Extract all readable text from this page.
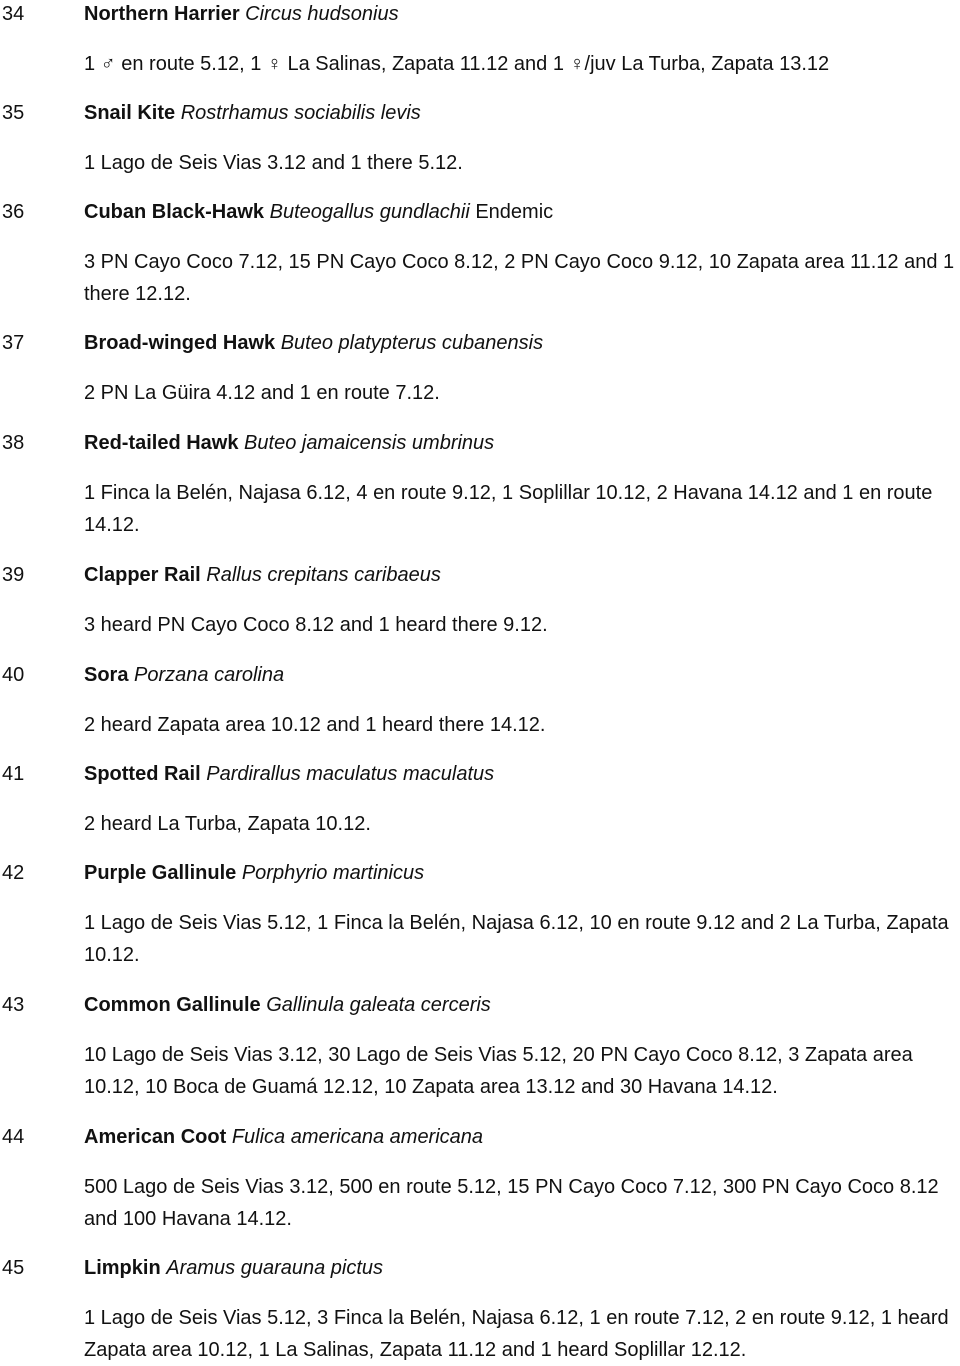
34	Northern Harrier Circus hudsonius
1 ♂ en route 5.12, 1 ♀ La Salinas, Zapata 11.12 and 1 ♀/juv La Turba, Zapata 13.12
35	Snail Kite Rostrhamus sociabilis levis
1 Lago de Seis Vias 3.12 and 1 there 5.12.
36	Cuban Black-Hawk Buteogallus gundlachii Endemic
3 PN Cayo Coco 7.12, 15 PN Cayo Coco 8.12, 2 PN Cayo Coco 9.12, 10 Zapata area 11.12 and 1 there 12.12.
37	Broad-winged Hawk Buteo platypterus cubanensis
2 PN La Güira 4.12 and 1 en route 7.12.
38	Red-tailed Hawk Buteo jamaicensis umbrinus
1 Finca la Belén, Najasa 6.12, 4 en route 9.12, 1 Soplillar 10.12, 2 Havana 14.12 and 1 en route 14.12.
39	Clapper Rail Rallus crepitans caribaeus
3 heard PN Cayo Coco 8.12 and 1 heard there 9.12.
40	Sora Porzana carolina
2 heard Zapata area 10.12 and 1 heard there 14.12.
41	Spotted Rail Pardirallus maculatus maculatus
2 heard La Turba, Zapata 10.12.
42	Purple Gallinule Porphyrio martinicus
1 Lago de Seis Vias 5.12, 1 Finca la Belén, Najasa 6.12, 10 en route 9.12 and 2 La Turba, Zapata 10.12.
43	Common Gallinule Gallinula galeata cerceris
10 Lago de Seis Vias 3.12, 30 Lago de Seis Vias 5.12, 20 PN Cayo Coco 8.12, 3 Zapata area 10.12, 10 Boca de Guamá 12.12, 10 Zapata area 13.12 and 30 Havana 14.12.
44	American Coot Fulica americana americana
500 Lago de Seis Vias 3.12, 500 en route 5.12, 15 PN Cayo Coco 7.12, 300 PN Cayo Coco 8.12 and 100 Havana 14.12.
45	Limpkin Aramus guarauna pictus
1 Lago de Seis Vias 5.12, 3 Finca la Belén, Najasa 6.12, 1 en route 7.12, 2 en route 9.12, 1 heard Zapata area 10.12, 1 La Salinas, Zapata 11.12 and 1 heard Soplillar 12.12.
